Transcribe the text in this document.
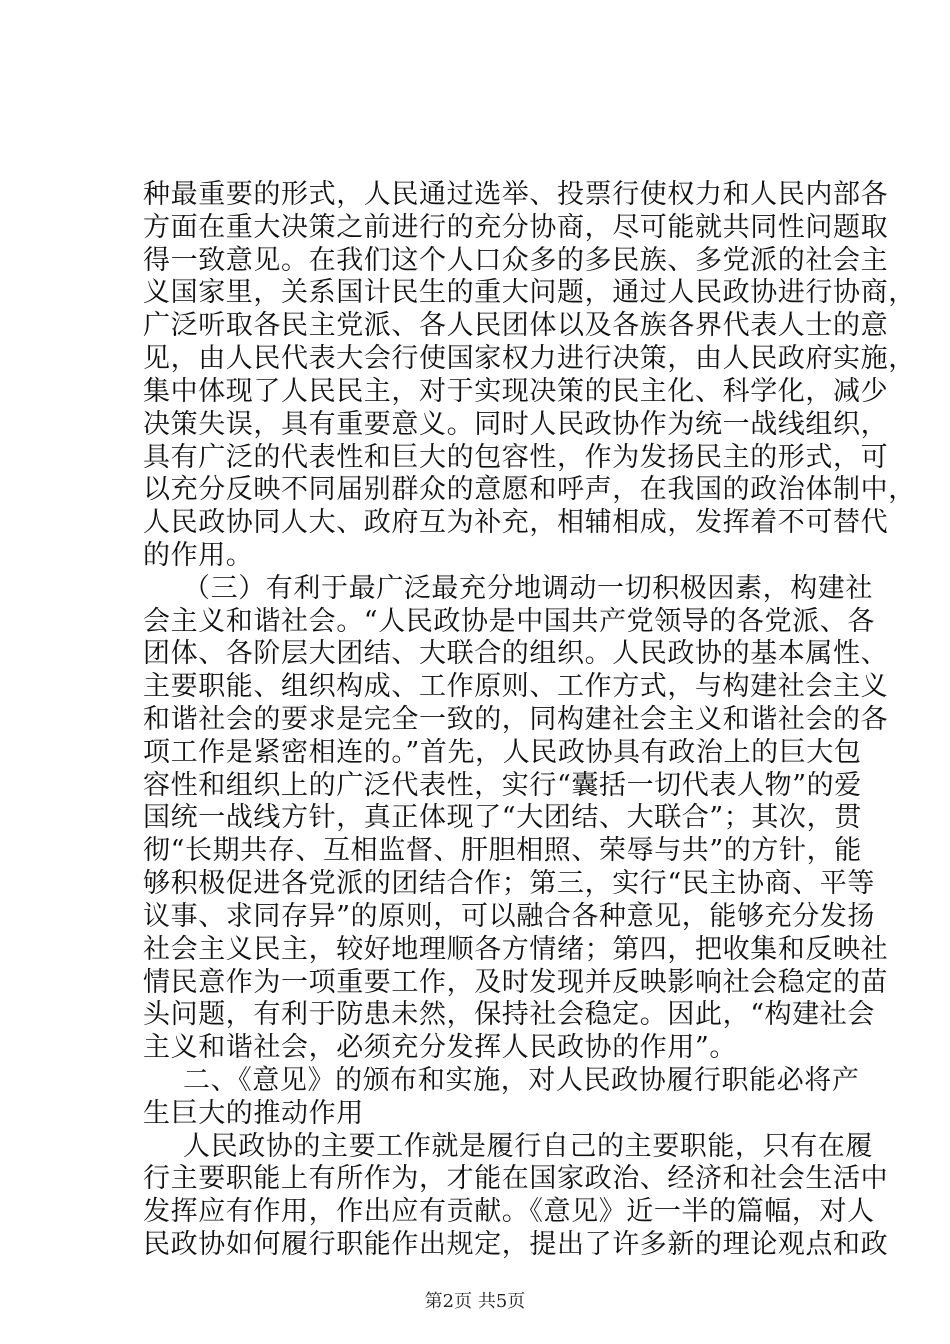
种最重要的形式，人民通过选举、投票行使权力和人民内部各
方面在重大决策之前进行的充分协商，尽可能就共同性问题取
得一致意见。在我们这个人口众多的多民族、多党派的社会主
义国家里，关系国计民生的重大问题，通过人民政协进行协商，
广泛听取各民主党派、各人民团体以及各族各界代表人士的意
见，由人民代表大会行使国家权力进行决策，由人民政府实施，
集中体现了人民民主，对于实现决策的民主化、科学化，减少
决策失误，具有重要意义。同时人民政协作为统一战线组织，
具有广泛的代表性和巨大的包容性，作为发扬民主的形式，可
以充分反映不同届别群众的意愿和呼声，在我国的政治体制中，
人民政协同人大、政府互为补充，相辅相成，发挥着不可替代
的作用。
（三）有利于最广泛最充分地调动一切积极因素，构建社
会主义和谐社会。“人民政协是中国共产党领导的各党派、各
团体、各阶层大团结、大联合的组织。人民政协的基本属性、
主要职能、组织构成、工作原则、工作方式，与构建社会主义
和谐社会的要求是完全一致的，同构建社会主义和谐社会的各
项工作是紧密相连的。”首先，人民政协具有政治上的巨大包
容性和组织上的广泛代表性，实行“囊括一切代表人物”的爱
国统一战线方针，真正体现了“大团结、大联合”；其次，贯
彻“长期共存、互相监督、肝胆相照、荣辱与共”的方针，能
够积极促进各党派的团结合作；第三，实行“民主协商、平等
议事、求同存异”的原则，可以融合各种意见，能够充分发扬
社会主义民主，较好地理顺各方情绪；第四，把收集和反映社
情民意作为一项重要工作，及时发现并反映影响社会稳定的苗
头问题，有利于防患未然，保持社会稳定。因此，“构建社会
主义和谐社会，必须充分发挥人民政协的作用”。
二、《意见》的颁布和实施，对人民政协履行职能必将产
生巨大的推动作用
人民政协的主要工作就是履行自己的主要职能，只有在履
行主要职能上有所作为，才能在国家政治、经济和社会生活中
第2页 共5页
发挥应有作用，作出应有贡献。《意见》近一半的篇幅，对人
民政协如何履行职能作出规定，提出了许多新的理论观点和政
